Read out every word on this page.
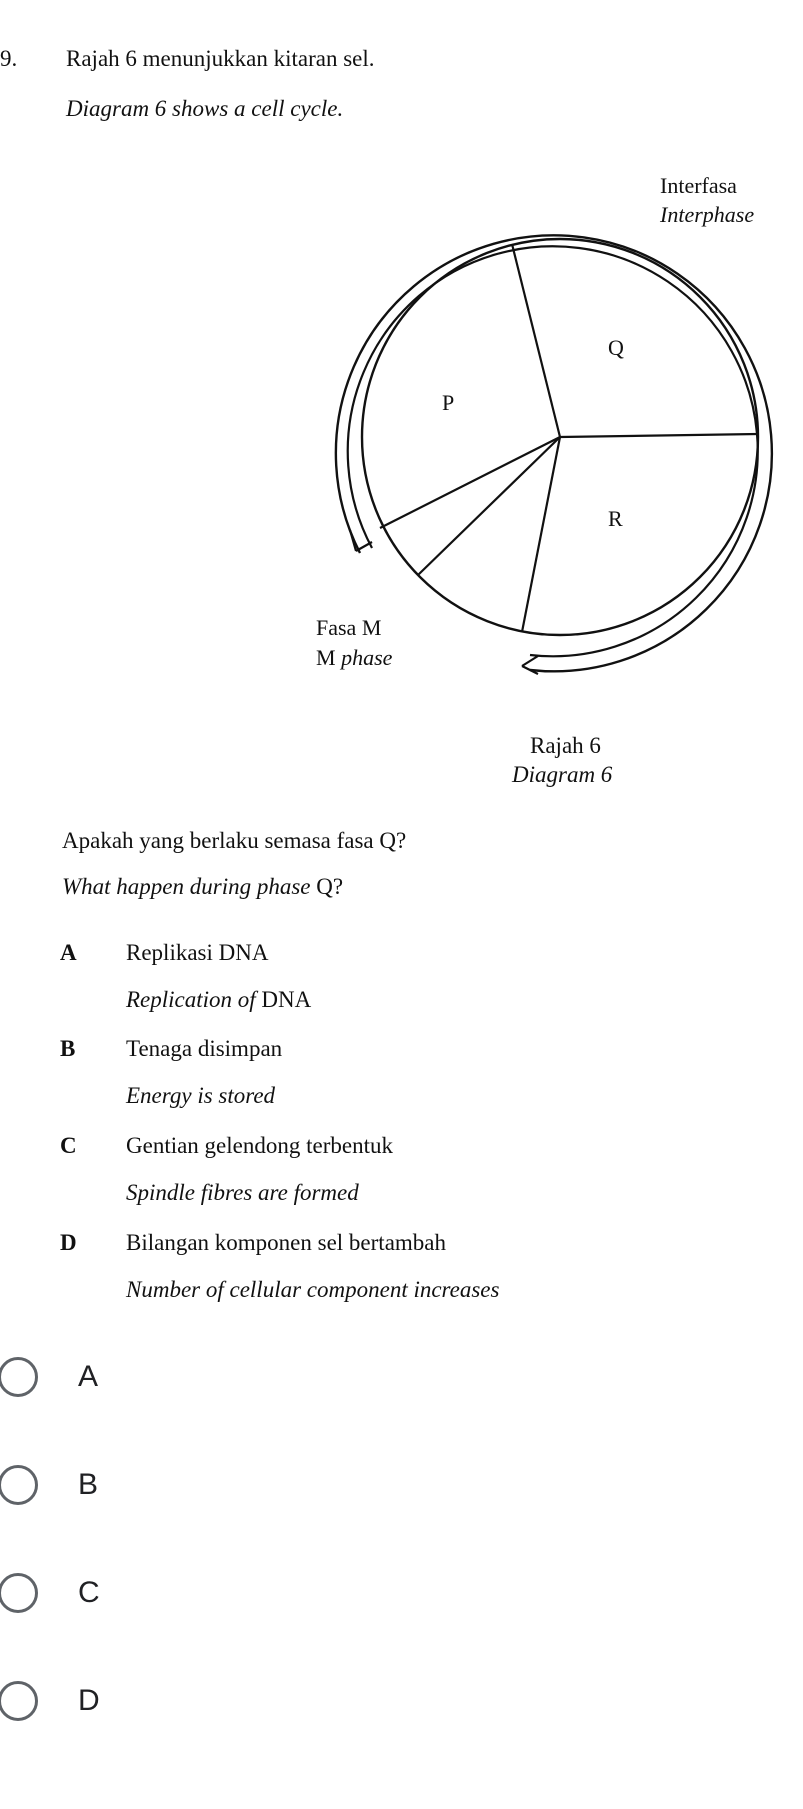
9. Rajah 6 menunjukkan kitaran sel.
Diagram 6 shows a cell cycle.
Interfasa
Interphase
P
Q
R
Fasa M
M phase
Rajah 6
Diagram 6
Apakah yang berlaku semasa fasa Q?
What happen during phase Q?
A Replikasi DNA
Replication of DNA
B Tenaga disimpan
Energy is stored
C Gentian gelendong terbentuk
Spindle fibres are formed
D Bilangan komponen sel bertambah
Number of cellular component increases
A
B
C
D
